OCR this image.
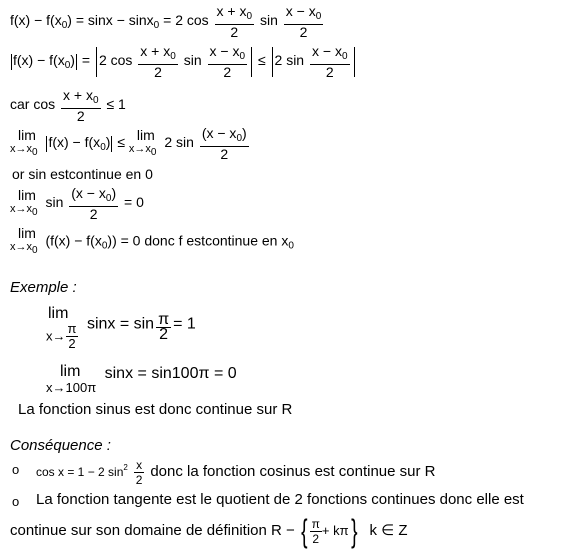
$f(x) - f(x_0) = \sin x - \sin x_0 = 2$ $\cos \frac{x + x_0}{2}$ $\sin \frac{x - x_0}{2}$
$f(x) - f(x_0) = 2$ $\cos \frac{x + x_0}{2}$ $\sin \frac{x - x_0}{2} \le 2$ $\sin \frac{x - x_0}{2}$
car $\cos \frac{x + x_0}{2} \le 1$
lim
x→x0
$f(x) - f(x_0) \le \lim$
x→x0
2 $\sin \frac{(x - x_0)}{2}$
or sin estcontinue en 0
lim
x→x0
$\sin \frac{(x - x_0)}{2} = 0$
lim
x→x0
$(f(x) - f(x_0)) = 0$ donc f estcontinue en $x_0$
Exemple :
lim
$x\to \frac{\pi}{2}$ $\sin x = \sin \frac{\pi}{2} = 1$
lim
x→100π
sinx = sin100π = 0
La fonction sinus est donc continue sur R
Conséquence :
o cos x = 1 − 2 $\sin^2 \frac{x}{2}$ donc la fonction cosinus est continue sur R
o La fonction tangente est le quotient de 2 fonctions continues donc elle est
continue sur son domaine de définition R − { $\frac{\pi}{2} + k\pi$} k ∈ Z
